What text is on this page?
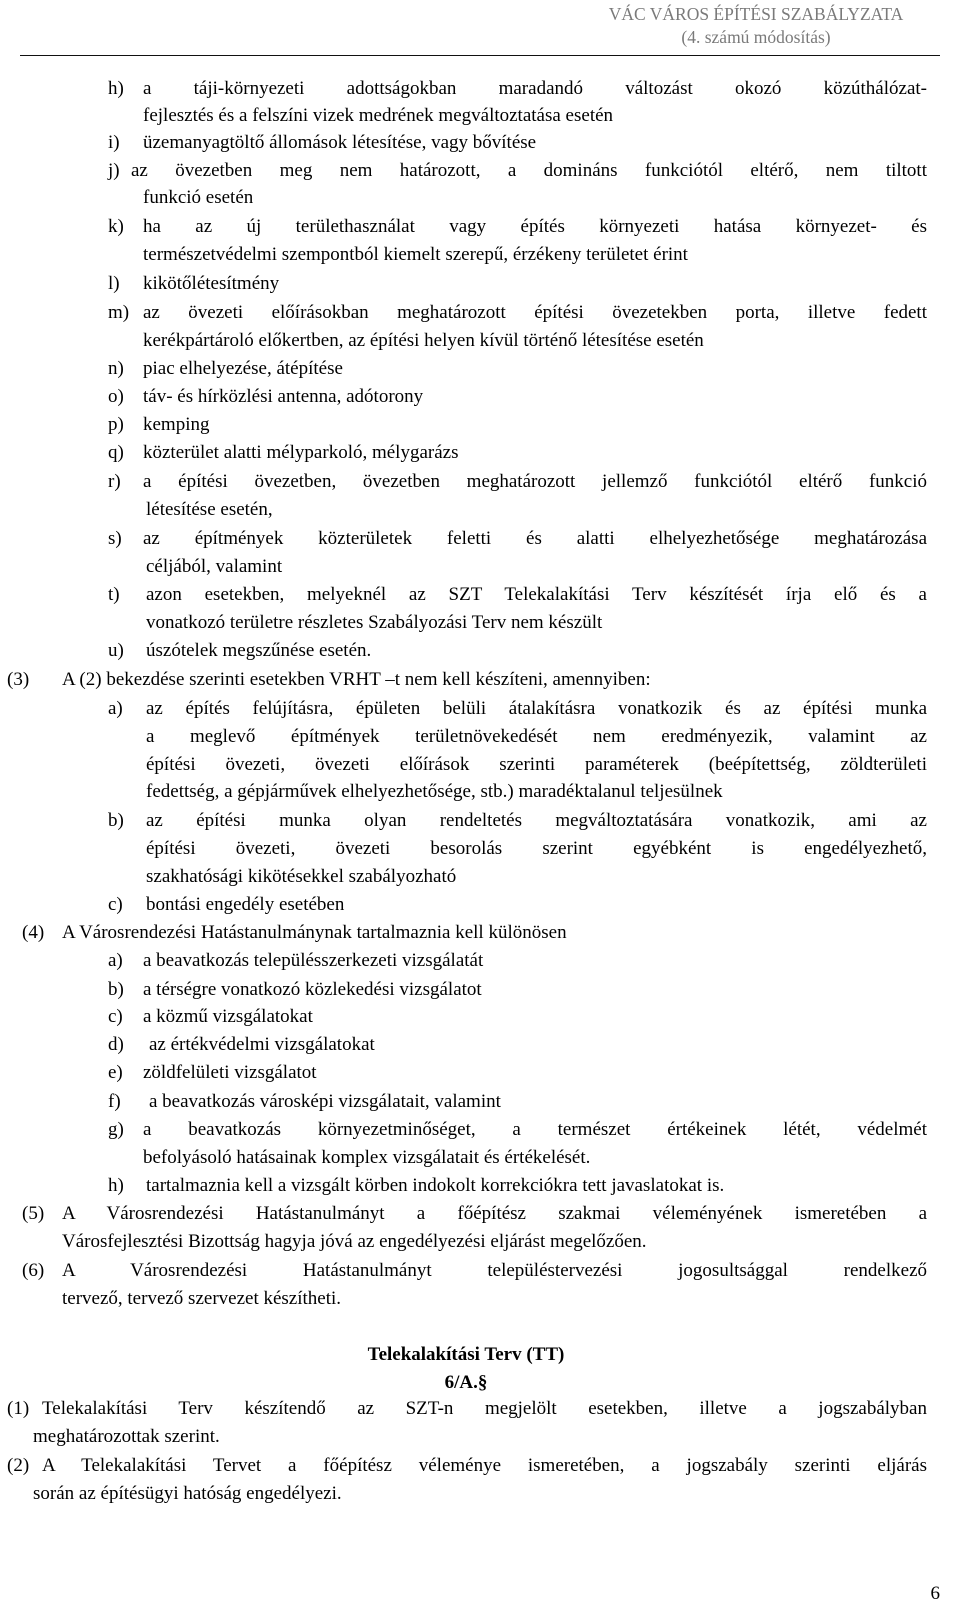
VÁC VÁROS ÉPÍTÉSI SZABÁLYZATA
(4. számú módosítás)
Telekalakítási Terv (TT)
6/A.§
h) a táji-környezeti adottságokban maradandó változást okozó közúthálózat-
fejlesztés és a felszíni vizek medrének megváltoztatása esetén
i) üzemanyagtöltő állomások létesítése, vagy bővítése
j) az övezetben meg nem határozott, a domináns funkciótól eltérő, nem tiltott
funkció esetén
k) ha az új területhasználat vagy építés környezeti hatása környezet- és
természetvédelmi szempontból kiemelt szerepű, érzékeny területet érint
l) kikötőlétesítmény
m) az övezeti előírásokban meghatározott építési övezetekben porta, illetve fedett
kerékpártároló előkertben, az építési helyen kívül történő létesítése esetén
n) piac elhelyezése, átépítése
o) táv- és hírközlési antenna, adótorony
p) kemping
q) közterület alatti mélyparkoló, mélygarázs
r) a építési övezetben, övezetben meghatározott jellemző funkciótól eltérő funkció
létesítése esetén,
s) az építmények közterületek feletti és alatti elhelyezhetősége meghatározása
céljából, valamint
t) azon esetekben, melyeknél az SZT Telekalakítási Terv készítését írja elő és a
vonatkozó területre részletes Szabályozási Terv nem készült
u) úszótelek megszűnése esetén.
(3) A (2) bekezdése szerinti esetekben VRHT –t nem kell készíteni, amennyiben:
a) az építés felújításra, épületen belüli átalakításra vonatkozik és az építési munka
a meglevő építmények területnövekedését nem eredményezik, valamint az
építési övezeti, övezeti előírások szerinti paraméterek (beépítettség, zöldterületi
fedettség, a gépjárművek elhelyezhetősége, stb.) maradéktalanul teljesülnek
b) az építési munka olyan rendeltetés megváltoztatására vonatkozik, ami az
építési övezeti, övezeti besorolás szerint egyébként is engedélyezhető,
szakhatósági kikötésekkel szabályozható
c) bontási engedély esetében
(4) A Városrendezési Hatástanulmánynak tartalmaznia kell különösen
a) a beavatkozás településszerkezeti vizsgálatát
b) a térségre vonatkozó közlekedési vizsgálatot
c) a közmű vizsgálatokat
d) az értékvédelmi vizsgálatokat
e) zöldfelületi vizsgálatot
f) a beavatkozás városképi vizsgálatait, valamint
g) a beavatkozás környezetminőséget, a természet értékeinek létét, védelmét
befolyásoló hatásainak komplex vizsgálatait és értékelését.
h) tartalmaznia kell a vizsgált körben indokolt korrekciókra tett javaslatokat is.
(5) A Városrendezési Hatástanulmányt a főépítész szakmai véleményének ismeretében a
Városfejlesztési Bizottság hagyja jóvá az engedélyezési eljárást megelőzően.
(6) A Városrendezési Hatástanulmányt településtervezési jogosultsággal rendelkező
tervező, tervező szervezet készítheti.
(1) Telekalakítási Terv készítendő az SZT-n megjelölt esetekben, illetve a jogszabályban
meghatározottak szerint.
(2) A Telekalakítási Tervet a főépítész véleménye ismeretében, a jogszabály szerinti eljárás
során az építésügyi hatóság engedélyezi.
6
